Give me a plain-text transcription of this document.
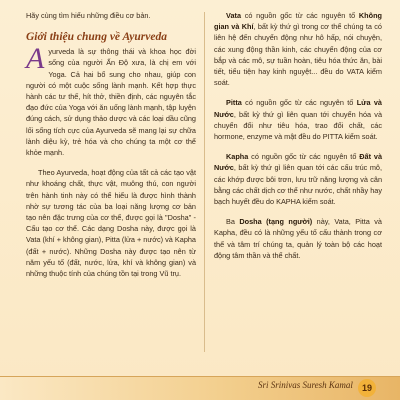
Hãy cùng tìm hiểu những điều cơ bản.

Giới thiệu chung về Ayurveda

Ayurveda là sự thông thái và khoa học đời sống của người Ấn Độ xưa, là chị em với Yoga. Cả hai bổ sung cho nhau, giúp con người có một cuộc sống lành mạnh. Kết hợp thực hành các tư thế, hít thở, thiền định, các nguyên tắc đạo đức của Yoga với ăn uống lành mạnh, tập luyện đúng cách, sử dụng thảo dược và các loại dầu cũng lối sống tích cực của Ayurveda sẽ mang lại sự chữa lành diệu kỳ, trẻ hóa và cho chúng ta một cơ thể khỏe mạnh.

Theo Ayurveda, hoạt động của tất cả các tạo vật như khoáng chất, thực vật, muông thú, con người trên hành tinh này có thể hiểu là được hình thành nhờ sự tương tác của ba loại năng lượng cơ bản tạo nên đặc trưng của cơ thể, được gọi là "Dosha" - Cấu tạo cơ thể. Các dạng Dosha này, được gọi là Vata (khí + không gian), Pitta (lửa + nước) và Kapha (đất + nước). Những Dosha này được tạo nên từ năm yếu tố (đất, nước, lửa, khí và không gian) và những thuộc tính của chúng tồn tại trong Vũ trụ.

Vata có nguồn gốc từ các nguyên tố Không gian và Khí, bất kỳ thứ gì trong cơ thể chúng ta có liên hệ đến chuyển động như hô hấp, nói chuyện, các xung động thần kinh, các chuyển động của cơ bắp và các mô, sự tuần hoàn, tiêu hóa thức ăn, bài tiết, tiểu tiện hay kinh nguyệt... đều do VATA kiểm soát.

Pitta có nguồn gốc từ các nguyên tố Lửa và Nước, bất kỳ thứ gì liên quan tới chuyển hóa và chuyển đổi như tiêu hóa, trao đổi chất, các hormone, enzyme và mật đều do PITTA kiểm soát.

Kapha có nguồn gốc từ các nguyên tố Đất và Nước, bất kỳ thứ gì liên quan tới các cấu trúc mô, các khớp được bôi trơn, lưu trữ năng lượng và cân bằng các chất dịch cơ thể như nước, chất nhầy hay bạch huyết đều do KAPHA kiểm soát.

Ba Dosha (tạng người) này, Vata, Pitta và Kapha, đều có là những yếu tố cấu thành trong cơ thể và tâm trí chúng ta, quản lý toàn bộ các hoạt động tâm thần và thể chất.

Sri Srinivas Suresh Kamal	19
